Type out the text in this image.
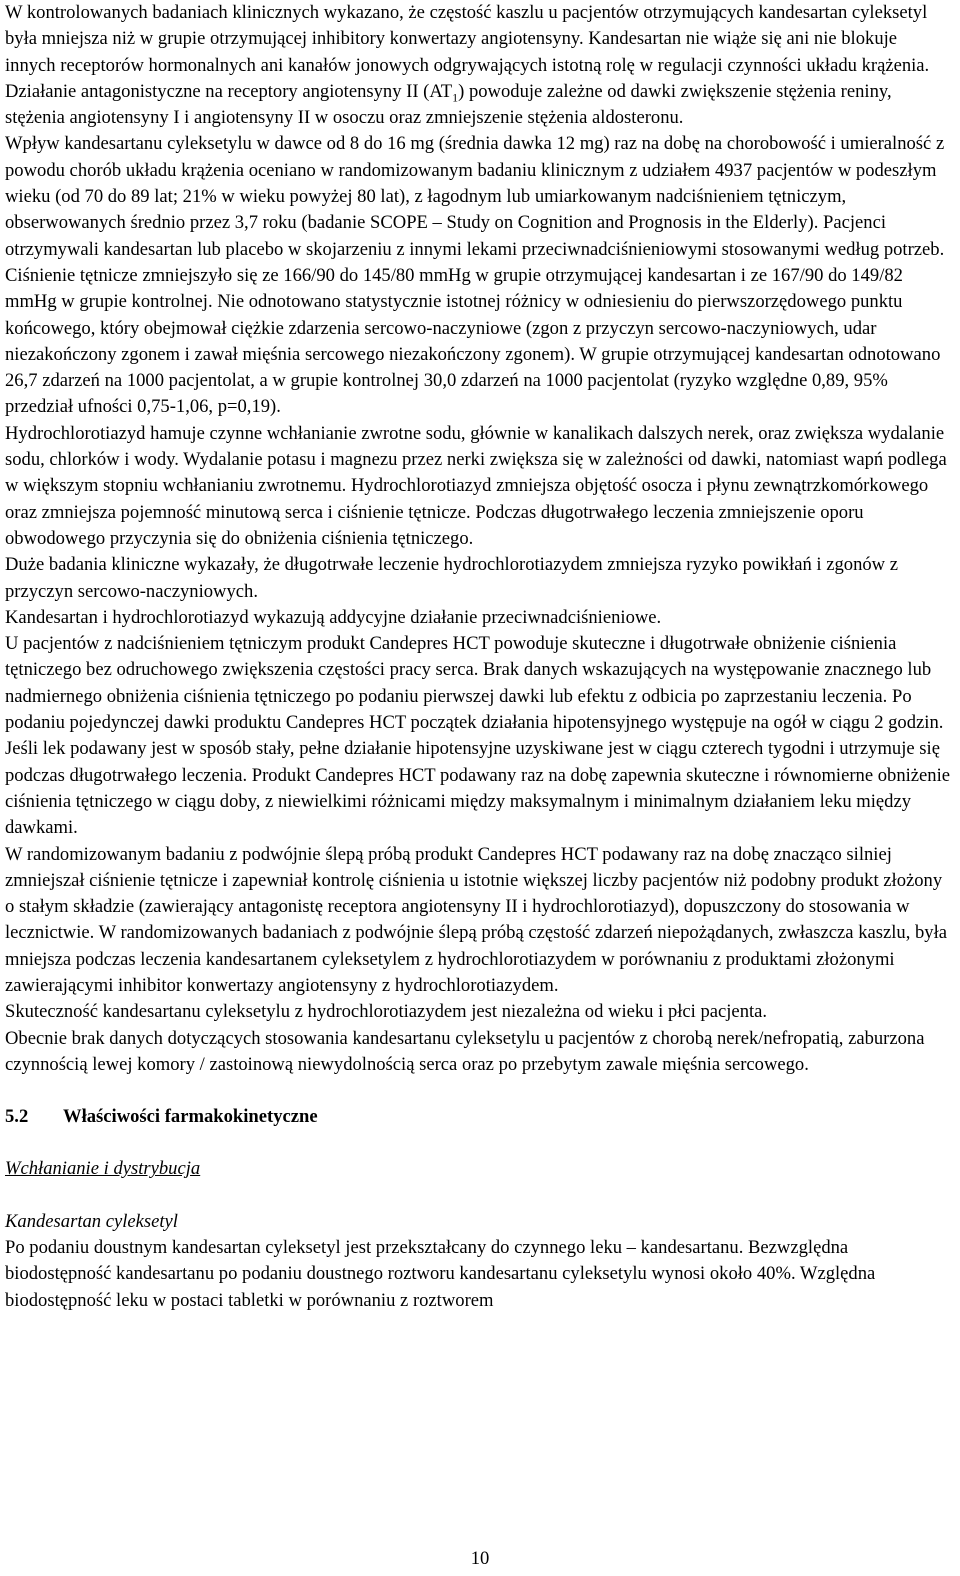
W kontrolowanych badaniach klinicznych wykazano, że częstość kaszlu u pacjentów otrzymujących kandesartan cyleksetyl była mniejsza niż w grupie otrzymującej inhibitory konwertazy angiotensyny. Kandesartan nie wiąże się ani nie blokuje innych receptorów hormonalnych ani kanałów jonowych odgrywających istotną rolę w regulacji czynności układu krążenia. Działanie antagonistyczne na receptory angiotensyny II $(AT_1)$ powoduje zależne od dawki zwiększenie stężenia reniny, stężenia angiotensyny I i angiotensyny II w osoczu oraz zmniejszenie stężenia aldosteronu.

Wpływ kandesartanu cyleksetylu w dawce od 8 do 16 mg (średnia dawka 12 mg) raz na dobę na chorobowość i umieralność z powodu chorób układu krążenia oceniano w randomizowanym badaniu klinicznym z udziałem 4937 pacjentów w podeszłym wieku (od 70 do 89 lat; 21% w wieku powyżej 80 lat), z łagodnym lub umiarkowanym nadciśnieniem tętniczym, obserwowanych średnio przez 3,7 roku (badanie SCOPE – Study on Cognition and Prognosis in the Elderly). Pacjenci otrzymywali kandesartan lub placebo w skojarzeniu z innymi lekami przeciwnadciśnieniowymi stosowanymi według potrzeb. Ciśnienie tętnicze zmniejszyło się ze 166/90 do 145/80 mmHg w grupie otrzymującej kandesartan i ze 167/90 do 149/82 mmHg w grupie kontrolnej. Nie odnotowano statystycznie istotnej różnicy w odniesieniu do pierwszorzędowego punktu końcowego, który obejmował ciężkie zdarzenia sercowo-naczyniowe (zgon z przyczyn sercowo-naczyniowych, udar niezakończony zgonem i zawał mięśnia sercowego niezakończony zgonem). W grupie otrzymującej kandesartan odnotowano 26,7 zdarzeń na 1000 pacjentolat, a w grupie kontrolnej 30,0 zdarzeń na 1000 pacjentolat (ryzyko względne 0,89, 95% przedział ufności 0,75-1,06, p=0,19).

Hydrochlorotiazyd hamuje czynne wchłanianie zwrotne sodu, głównie w kanalikach dalszych nerek, oraz zwiększa wydalanie sodu, chlorków i wody. Wydalanie potasu i magnezu przez nerki zwiększa się w zależności od dawki, natomiast wapń podlega w większym stopniu wchłanianiu zwrotnemu. Hydrochlorotiazyd zmniejsza objętość osocza i płynu zewnątrzkomórkowego oraz zmniejsza pojemność minutową serca i ciśnienie tętnicze. Podczas długotrwałego leczenia zmniejszenie oporu obwodowego przyczynia się do obniżenia ciśnienia tętniczego.

Duże badania kliniczne wykazały, że długotrwałe leczenie hydrochlorotiazydem zmniejsza ryzyko powikłań i zgonów z przyczyn sercowo-naczyniowych.

Kandesartan i hydrochlorotiazyd wykazują addycyjne działanie przeciwnadciśnieniowe.

U pacjentów z nadciśnieniem tętniczym produkt Candepres HCT powoduje skuteczne i długotrwałe obniżenie ciśnienia tętniczego bez odruchowego zwiększenia częstości pracy serca. Brak danych wskazujących na występowanie znacznego lub nadmiernego obniżenia ciśnienia tętniczego po podaniu pierwszej dawki lub efektu z odbicia po zaprzestaniu leczenia. Po podaniu pojedynczej dawki produktu Candepres HCT początek działania hipotensyjnego występuje na ogół w ciągu 2 godzin. Jeśli lek podawany jest w sposób stały, pełne działanie hipotensyjne uzyskiwane jest w ciągu czterech tygodni i utrzymuje się podczas długotrwałego leczenia. Produkt Candepres HCT podawany raz na dobę zapewnia skuteczne i równomierne obniżenie ciśnienia tętniczego w ciągu doby, z niewielkimi różnicami między maksymalnym i minimalnym działaniem leku między dawkami.

W randomizowanym badaniu z podwójnie ślepą próbą produkt Candepres HCT podawany raz na dobę znacząco silniej zmniejszał ciśnienie tętnicze i zapewniał kontrolę ciśnienia u istotnie większej liczby pacjentów niż podobny produkt złożony o stałym składzie (zawierający antagonistę receptora angiotensyny II i hydrochlorotiazyd), dopuszczony do stosowania w lecznictwie. W randomizowanych badaniach z podwójnie ślepą próbą częstość zdarzeń niepożądanych, zwłaszcza kaszlu, była mniejsza podczas leczenia kandesartanem cyleksetylem z hydrochlorotiazydem w porównaniu z produktami złożonymi zawierającymi inhibitor konwertazy angiotensyny z hydrochlorotiazydem.

Skuteczność kandesartanu cyleksetylu z hydrochlorotiazydem jest niezależna od wieku i płci pacjenta.

Obecnie brak danych dotyczących stosowania kandesartanu cyleksetylu u pacjentów z chorobą nerek/nefropatią, zaburzona czynnością lewej komory / zastoinową niewydolnością serca oraz po przebytym zawale mięśnia sercowego.

5.2	Właściwości farmakokinetyczne

Wchłanianie i dystrybucja

Kandesartan cyleksetyl

Po podaniu doustnym kandesartan cyleksetyl jest przekształcany do czynnego leku – kandesartanu. Bezwzględna biodostępność kandesartanu po podaniu doustnego roztworu kandesartanu cyleksetylu wynosi około 40%. Względna biodostępność leku w postaci tabletki w porównaniu z roztworem

10
